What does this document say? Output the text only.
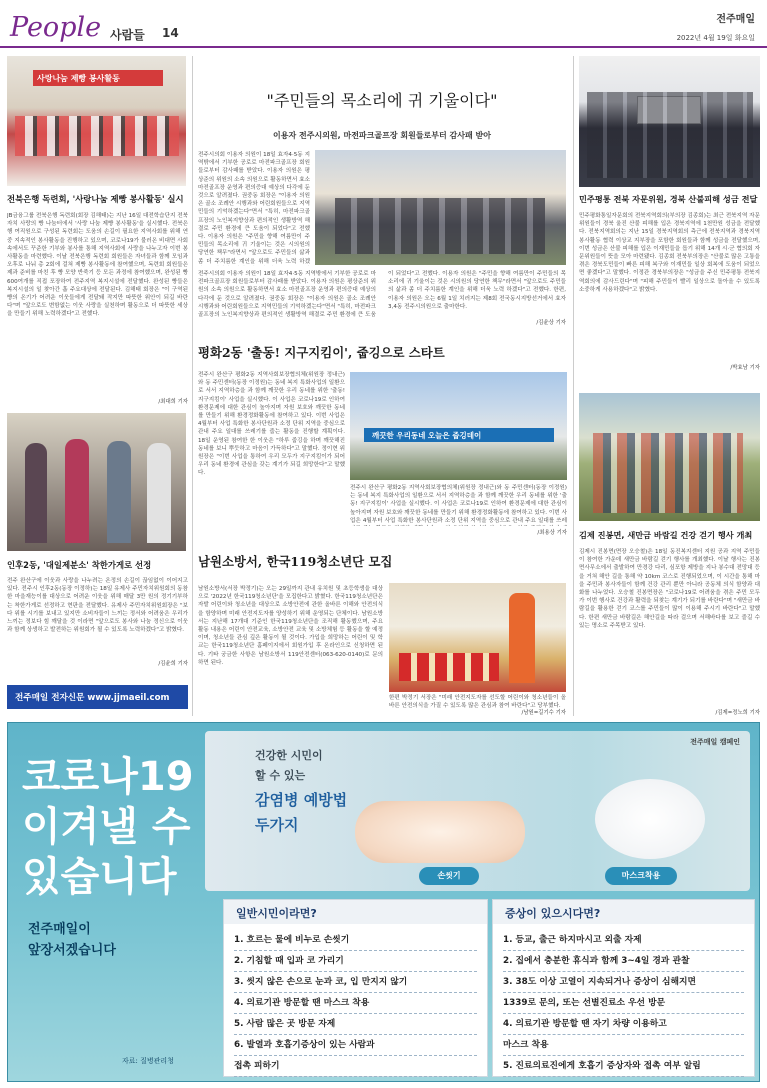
People 사람들 14
전주매일
2022년 4월 19일 화요일
사랑나눔 제빵 봉사활동
전북은행 독련회, '사랑나눔 제빵 봉사활동' 실시
JB금융그룹 전북은행 독련회(회장 김해태)는 지난 16일 대전학습단지 전북자치 사랑의 빵 나눔터에서 '사랑 나눔 제빵 봉사활동'을 실시했다. 전북은행 여직원으로 구성된 독련회는 도움의 손길이 필요한 지역사회를 위해 연중 지속적인 봉사활동을 진행하고 있으며, 코로나19가 불러온 비대면 사회 속에서도 꾸준한 기부와 봉사를 통해 지역사회에 사랑을 나누고자 이번 봉사활동을 마련했다. 이날 전북은행 독련회 회원들은 자녀들과 함께 모임과 오후로 나눠 총 2회에 걸쳐 제빵 봉사활동에 참여했으며, 독련회 회원들은 제과 준비를 마친 후 빵 모양 반죽기 등 모든 과정에 참여했으며, 완성된 빵 600여개를 직접 포장하여 전주지역 복지시설에 전달했다. 완성된 빵들은 복지시설의 일 찾아간 흡 주요대상에 전달된다. 김해태 회장은 "이 구역된 빵의 온기가 어려운 이웃들에게 전달돼 작지만 따뜻한 위안이 되길 바란다"며 "앞으로도 변함없는 이웃 사랑을 실천하며 활동으로 더 따뜻한 세상을 만들기 위해 노력하겠다"고 전했다.
/최대희 기자
인후2동, '대일제분소' 착한가게로 선정
전주 완산구에 이웃과 사랑을 나누려는 온정의 손길이 끊임없이 이어지고 있다. 전주시 인후2동(동장 이정하)는 18일 유제사 주민자치위원회의 동참한 마을재능이를 대상으로 어려운 이웃을 위해 매달 3만 원의 정기기부하는 착한가게로 선정하고 현판을 전달했다. 유제사 주민자치위원회장은 "보다 위를 시기를 보내고 있지만 소비자들이 느끼는 정서와 어려움은 우리가 느끼는 정보다 힘 깨달을 것 이라면 "앞으로도 봉사와 나눔 정신으로 이웃과 함께 상생하고 발전하는 위원회가 될 수 있도록 노력하겠다"고 밝혔다.
/김윤희 기자
전주매일 전자신문 www.jjmaeil.com
"주민들의 목소리에 귀 기울이다"
이용자 전주시의원, 마전파크골프장 회원들로부터 감사패 받아
전주시의회 이용자 의원이 18일 효자4·5동 지역밖에서 기부한 공로로 마전파크골프장 회원들로부터 감사패를 받았다. 이용자 의원은 평상준의 위원의 소속 의원으로 활동하면서 효소 마전골프장 운영과 편의증대 예상의 다각에 둔 것으로 알려졌다. 권중동 회장은 "이용자 의원은 골소 조례안 시행과와 어린회원들으로 지역민들의 기억하겠는다"면서 "특히, 마전파크골프장의 노인복지향상과 편의적인 생활방역 해결로 주민 환경에 큰 도움이 되었다"고 전했다. 이용자 의원은 "주민을 향해 여름만이 주민들의 목소리에 귀 기울이는 것은 시의원의 당연한 책무"라면서 "앞으로도 주민들의 삶과 좀 더 주치름한 계인을 위해 더욱 노력 하겠
전주시의회 이용자 의원이 18일 효자4·5동 지역밖에서 기부한 공로로 마전파크골프장 회원들로부터 감사패를 받았다. 이용자 의원은 평상준의 위원의 소속 의원으로 활동하면서 효소 마전골프장 운영과 편의증대 예상의 다각에 둔 것으로 알려졌다. 권중동 회장은 "이용자 의원은 골소 조례안 시행과와 어린회원들으로 지역민들의 기억하겠는다"면서 "특히, 마전파크골프장의 노인복지향상과 편의적인 생활방역 해결로 주민 환경에 큰 도움이 되었다"고 전했다. 이용자 의원은 "주민을 향해 여름만이 주민들의 목소리에 귀 기울이는 것은 시의원의 당연한 책무"라면서 "앞으로도 주민들의 삶과 좀 더 주치름한 계인을 위해 더욱 노력 하겠다"고 전했다. 한편, 이용자 의원은 오는 6월 1일 치러지는 제8회 전국동시지방선거에서 효자3,4동 전주시의원으로 출마한다.
/김윤상 기자
평화2동 '출동! 지구지킴이', 줍깅으로 스타트
전주시 완산구 평화2동 지역사회보장협의체(위원장 정내근)와 동 주민센터(동장 이정원)는 동네 복지 특화사업의 일환으로 서서 지역하층을 과 함께 깨끗한 우리 동네를 위한 '출동! 지구지킴이' 사업을 실시했다. 이 사업은 코로나19로 인하여 환경문제에 대한 관심이 높아지며 자원 보호와 깨끗한 동네를 만들기 위해 환경정화활동에 참여하고 있다. 이번 사업은 4월부터 사업 특화한 봉사단원과 소정 단위 지역을 중심으로 관내 주요 일대를 쓰레기를 줍는 활동을 진행할 계획이다. 18일 운영된 참여한 한 이웃은 "하루 줍깅을 하며 깨끗해진 동네를 보니 뿌듯하고 마음이 가득하다"고 말했다. 정이현 위원장은 "이번 사업을 통하여 우리 모두가 지구지킴이가 되어 우리 동네 환경에 관심을 갖는 계기가 되길 희망한다"고 말했다.
깨끗한 우리동네 오늘은 줍깅데이
전주시 완산구 평화2동 지역사회보장협의체(위원장 정내근)와 동 주민센터(동장 이정원)는 동네 복지 특화사업의 일환으로 서서 지역하층을 과 함께 깨끗한 우리 동네를 위한 '출동! 지구지킴이' 사업을 실시했다. 이 사업은 코로나19로 인하여 환경문제에 대한 관심이 높아지며 자원 보호와 깨끗한 동네를 만들기 위해 환경정화활동에 참여하고 있다. 이번 사업은 4월부터 사업 특화한 봉사단원과 소정 단위 지역을 중심으로 관내 주요 일대를 쓰레
/최용상 기자
남원소방서, 한국119청소년단 모집
남원소방서(서장 박정기)는 오는 29일까지 관내 유치원 및 초등학생을 대상으로 '2022년 한국119청소년단'을 모집한다고 밝혔다. 한국119청소년단은 자발 어린이와 청소년을 대상으로 소방안전에 관한 올바른 이해와 안전의식을 함양하며 미래 안전지도자를 양성하기 위해 운영되는 단체이다. 남원소방서는 지난해 17개대 기준인 한국119청소년단을 조직해 활동했으며, 주요 활동 내용은 어린이 안전교육, 소방안전 교육 및 소방체험 등 활동을 할 예정이며, 청소년들 관심 깊은 활동이 될 것이다. 가입을 희망하는 어린이 및 학교는 한국119청소년단 홈페이지에서 회원가입 후 온라인으로 신청하면 된다. 기타 궁금한 사항은 남원소방서 119안전센터(063-620-0140)로 문의하면 된다.
한편 박정기 서장은 "미래 안전지도자를 선도할 어린이와 청소년들이 올바른 안전의식을 가질 수 있도록 많은 관심과 참여 바란다"고 당부했다.
/남원=길기수 기자
민주평통 전북 자문위원, 경북 산불피해 성금 전달
민주평화통일자문회의 전북지역회의(부의장 김종회)는 최근 전북지역 자문위원들이 경북 울진 산불 피해를 입은 경북지역에 1천만원 성금을 전달했다. 전북지역회의는 지난 15일 경북지역회의 측근에 전북지역과 경북지역 봉사활동 협력 이상교 지부장을 포함한 회원들과 함께 성금을 전달했으며, 이번 성금은 산불 피해를 입은 이재민들을 돕기 위해 14개 시·군 협의회 자문위원들이 뜻을 모아 마련됐다. 김종회 전북부의장은 "산불로 많은 고통을 겪은 경북도민들이 빠른 피해 복구와 이재민들 일상 회복에 도움이 되었으면 좋겠다"고 말했다. 이정관 경북부의장은 "성금을 주신 민주평통 전북지역회의에 감사드린다"며 "피해 주민들이 빨리 일상으로 돌아올 수 있도록 소중하게 사용하겠다"고 밝혔다.
/박효남 기자
김제 진봉면, 새만금 바람길 건강 걷기 행사 개최
김제시 진봉면(면장 오승철)은 18일 동진복지센터 지원 공과 지역 주민들이 참여한 가운데 새만금 바람길 걷기 행사를 개최했다. 이날 행사는 진봉면사무소에서 출발하여 만경강 다리, 심포항 제방을 지나 봉수대 전망대 등을 거쳐 해안 길을 통해 약 10km 코스로 진행되었으며, 이 시간을 통해 마을 주민과 봉사자들이 함께 건강 관리 뿐만 아니라 공동체 의식 함양과 대화를 나누었다. 오승철 진봉면장은 "코로나19로 어려움을 겪은 주민 모두가 이번 행사로 건강과 활력을 되찾는 계기가 되기를 바란다"며 "새만금 바람길을 활용한 걷기 코스를 주민들이 많이 이용해 주시기 바란다"고 말했다. 한편 새만금 바람길은 해안길을 따라 걸으며 서해바다를 보고 즐길 수 있는 명소로 주목받고 있다.
/김제=정노희 기자
코로나19
이겨낼 수
있습니다
전주매일이
앞장서겠습니다
자료: 질병관리청
전주매일 캠페인
건강한 시민이
할 수 있는
감염병 예방법
두가지
손씻기	마스크착용
일반시민이라면?
1. 흐르는 물에 비누로 손씻기
2. 기침할 때 입과 코 가리기
3. 씻지 않은 손으로 눈과 코, 입 만지지 않기
4. 의료기관 방문할 땐 마스크 착용
5. 사람 많은 곳 방문 자제
6. 발열과 호흡기증상이 있는 사람과
접촉 피하기
증상이 있으시다면?
1. 등교, 출근 하지마시고 외출 자제
2. 집에서 충분한 휴식과 함께 3~4일 경과 관찰
3. 38도 이상 고열이 지속되거나 증상이 심해지면
1339로 문의, 또는 선별진료소 우선 방문
4. 의료기관 방문할 땐 자기 차량 이용하고
마스크 착용
5. 진료의료진에게 호흡기 증상자와 접촉 여부 알림
